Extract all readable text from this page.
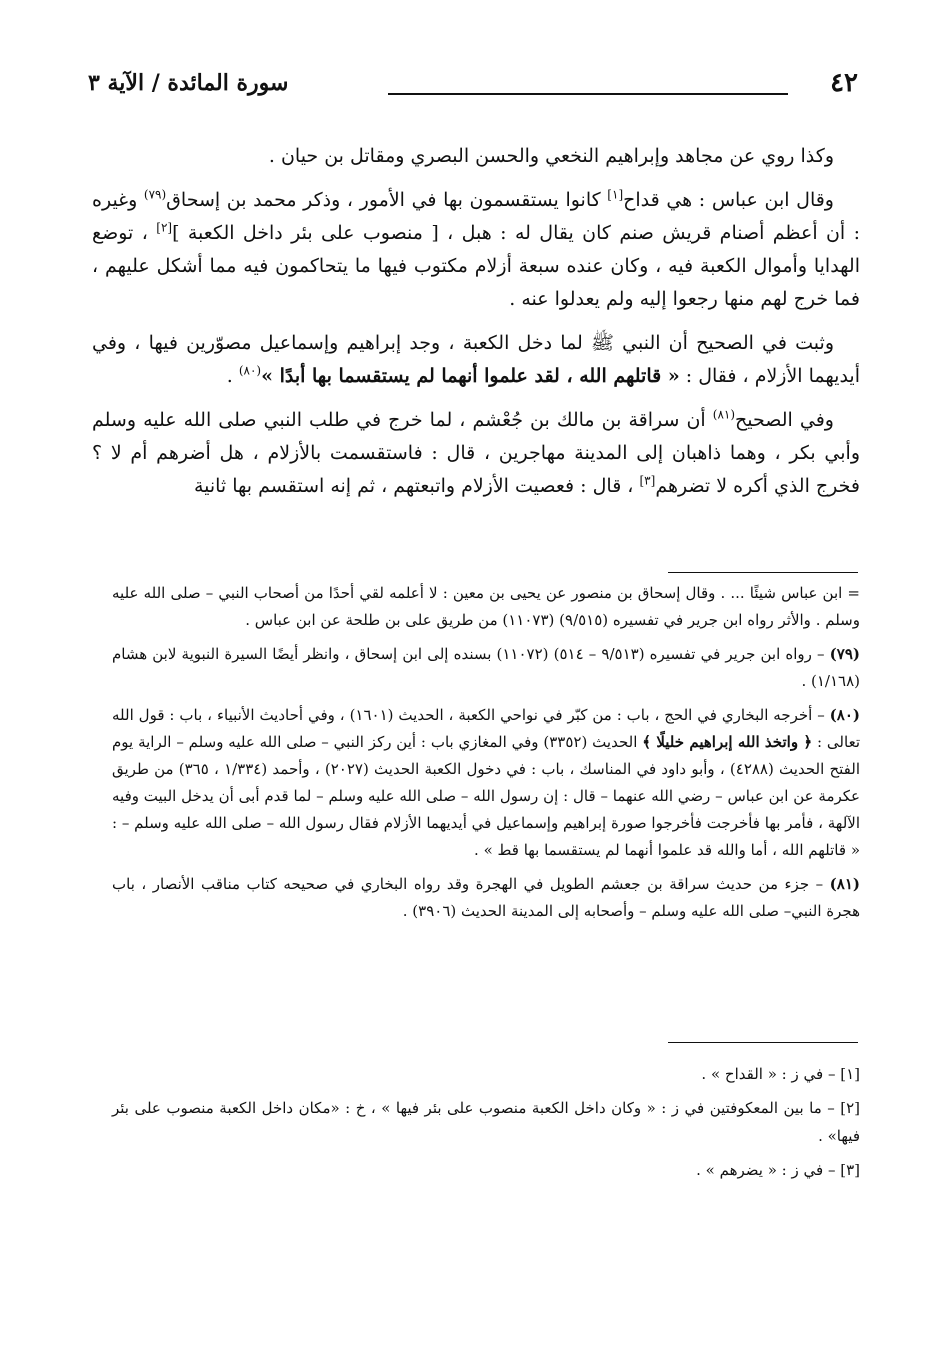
٤٢
سورة المائدة / الآية ٣

وكذا روي عن مجاهد وإبراهيم النخعي والحسن البصري ومقاتل بن حيان .

وقال ابن عباس : هي قداح[١] كانوا يستقسمون بها في الأمور ، وذكر محمد بن إسحاق$^{(٧٩)}$ وغيره : أن أعظم أصنام قريش صنم كان يقال له : هبل ، [ منصوب على بئر داخل الكعبة ][٢] ، توضع الهدايا وأموال الكعبة فيه ، وكان عنده سبعة أزلام مكتوب فيها ما يتحاكمون فيه مما أشكل عليهم ، فما خرج لهم منها رجعوا إليه ولم يعدلوا عنه .

وثبت في الصحيح أن النبي ﷺ لما دخل الكعبة ، وجد إبراهيم وإسماعيل مصوّرين فيها ، وفي أيديهما الأزلام ، فقال : « قاتلهم الله ، لقد علموا أنهما لم يستقسما بها أبدًا »$^{(٨٠)}$ .

وفي الصحيح$^{(٨١)}$ أن سراقة بن مالك بن جُعْشم ، لما خرج في طلب النبي صلى الله عليه وسلم وأبي بكر ، وهما ذاهبان إلى المدينة مهاجرين ، قال : فاستقسمت بالأزلام ، هل أضرهم أم لا ؟ فخرج الذي أكره لا تضرهم[٣] ، قال : فعصيت الأزلام واتبعتهم ، ثم إنه استقسم بها ثانية

= ابن عباس شيئًا ... . وقال إسحاق بن منصور عن يحيى بن معين : لا أعلمه لقي أحدًا من أصحاب النبي – صلى الله عليه وسلم . والأثر رواه ابن جرير في تفسيره (٩/٥١٥) (١١٠٧٣) من طريق على بن طلحة عن ابن عباس .

(٧٩) – رواه ابن جرير في تفسيره (٩/٥١٣ – ٥١٤) (١١٠٧٢) بسنده إلى ابن إسحاق ، وانظر أيضًا السيرة النبوية لابن هشام (١/١٦٨) .

(٨٠) – أخرجه البخاري في الحج ، باب : من كبّر في نواحي الكعبة ، الحديث (١٦٠١) ، وفي أحاديث الأنبياء ، باب : قول الله تعالى : ﴿ واتخذ الله إبراهيم خليلًا ﴾ الحديث (٣٣٥٢) وفي المغازي باب : أين ركز النبي – صلى الله عليه وسلم – الراية يوم الفتح الحديث (٤٢٨٨) ، وأبو داود في المناسك ، باب : في دخول الكعبة الحديث (٢٠٢٧) ، وأحمد (١/٣٣٤ ، ٣٦٥) من طريق عكرمة عن ابن عباس – رضي الله عنهما – قال : إن رسول الله – صلى الله عليه وسلم – لما قدم أبى أن يدخل البيت وفيه الآلهة ، فأمر بها فأخرجت فأخرجوا صورة إبراهيم وإسماعيل في أيديهما الأزلام فقال رسول الله – صلى الله عليه وسلم – : « قاتلهم الله ، أما والله قد علموا أنهما لم يستقسما بها قط » .

(٨١) – جزء من حديث سراقة بن جعشم الطويل في الهجرة وقد رواه البخاري في صحيحه كتاب مناقب الأنصار ، باب هجرة النبي– صلى الله عليه وسلم – وأصحابه إلى المدينة الحديث (٣٩٠٦) .

[١] – في ز : « القداح » .

[٢] – ما بين المعكوفتين في ز : « وكان داخل الكعبة منصوب على بئر فيها » ، خ : «مكان داخل الكعبة منصوب على بئر فيها» .

[٣] – في ز : « يضرهم » .
